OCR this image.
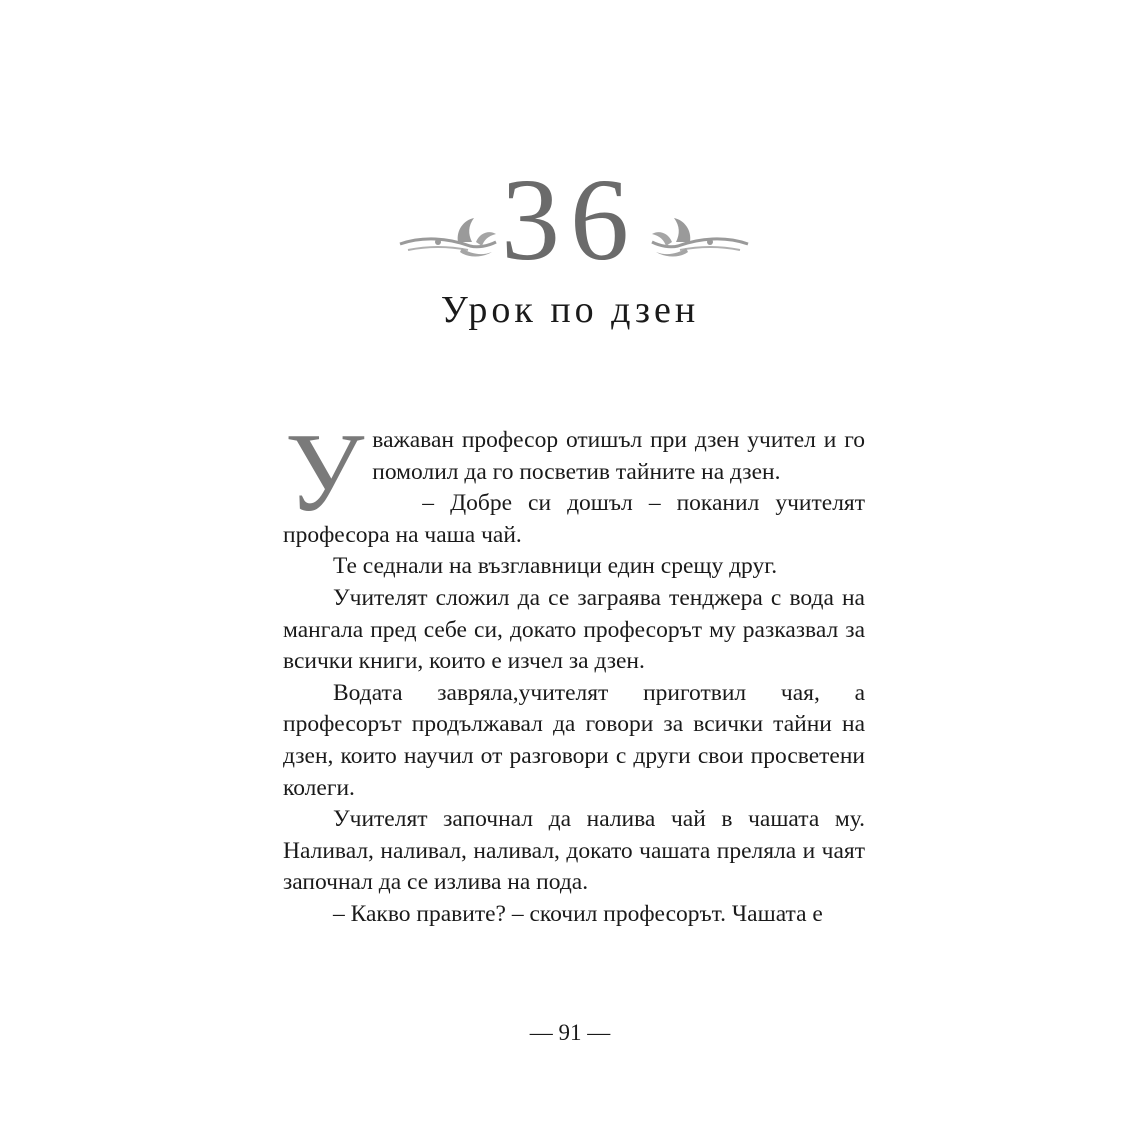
36
Урок по дзен

Уважаван професор отишъл при дзен учител и го помолил да го посветив тайните на дзен.

– Добре си дошъл – поканил учителят професора на чаша чай.

Те седнали на възглавници един срещу друг.

Учителят сложил да се заграява тенджера с вода на мангала пред себе си, докато професорът му разказвал за всички книги, които е изчел за дзен.

Водата завряла,учителят приготвил чая, а професорът продължавал да говори за всички тайни на дзен, които научил от разговори с други свои просветени колеги.

Учителят започнал да налива чай в чашата му. Наливал, наливал, наливал, докато чашата преляла и чаят започнал да се излива на пода.

– Какво правите? – скочил професорът. Чашата е

— 91 —
